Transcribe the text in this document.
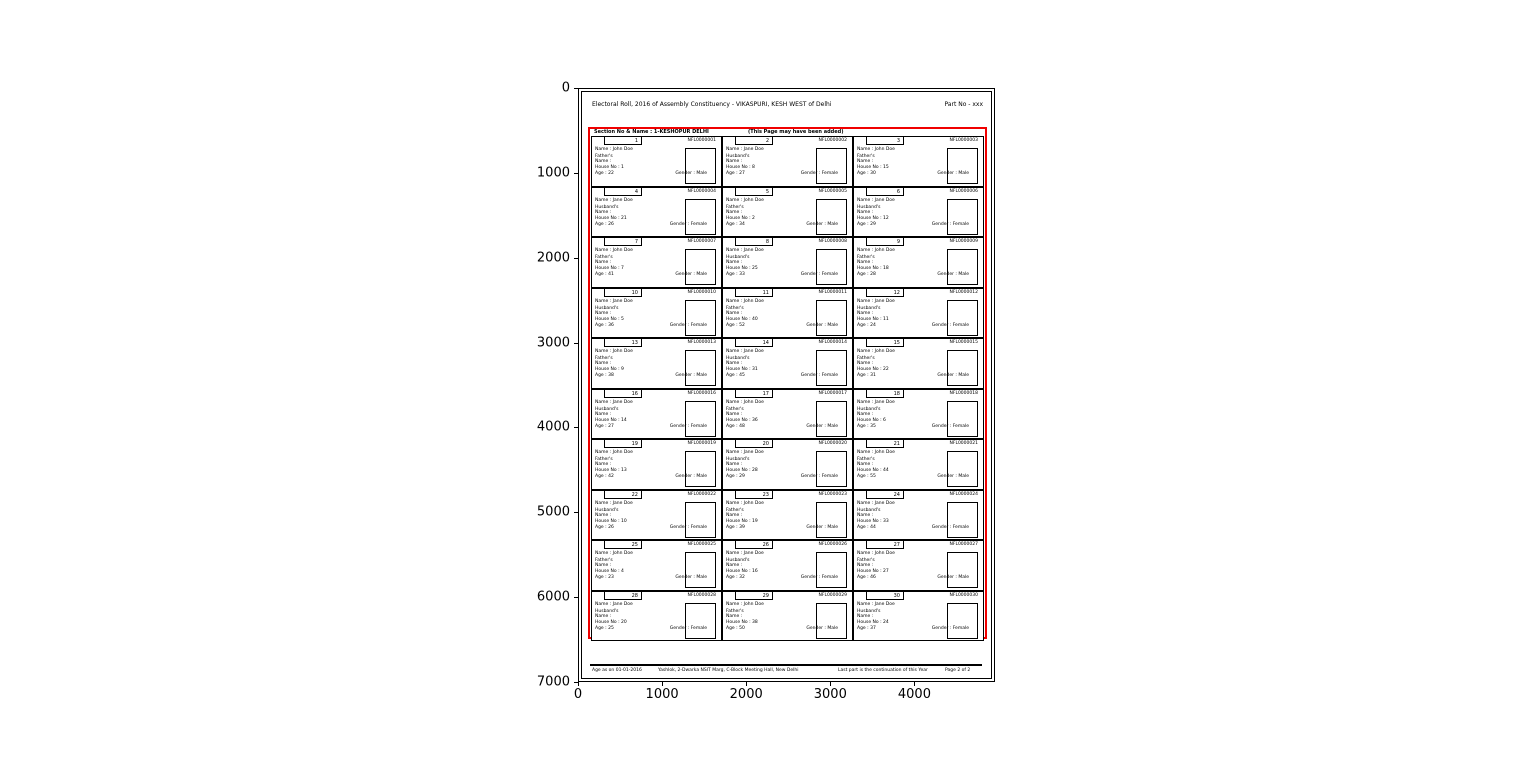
0	1000	2000	3000	4000
0
1000
2000
3000
4000
5000
6000
7000
Electoral Roll, 2016 of Assembly Constituency - VIKASPURI, KESH WEST of Delhi	Part No - xxx
Section No & Name : 1-KESHOPUR DELHI	(This Page may have been added)
1	NFL0000001
Name : John Doe
Father's Name :
House No : 1
Age : 22	Gender : Male
2	NFL0000002
Name : Jane Doe
Husband's Name :
House No : 8
Age : 27	Gender : Female
3	NFL0000003
Name : John Doe
Father's Name :
House No : 15
Age : 30	Gender : Male
4	NFL0000004
Name : Jane Doe
Husband's Name :
House No : 21
Age : 26	Gender : Female
5	NFL0000005
Name : John Doe
Father's Name :
House No : 2
Age : 34	Gender : Male
6	NFL0000006
Name : Jane Doe
Husband's Name :
House No : 12
Age : 29	Gender : Female
7	NFL0000007
Name : John Doe
Father's Name :
House No : 7
Age : 41	Gender : Male
8	NFL0000008
Name : Jane Doe
Husband's Name :
House No : 25
Age : 33	Gender : Female
9	NFL0000009
Name : John Doe
Father's Name :
House No : 18
Age : 28	Gender : Male
10	NFL0000010
Name : Jane Doe
Husband's Name :
House No : 5
Age : 36	Gender : Female
11	NFL0000011
Name : John Doe
Father's Name :
House No : 40
Age : 52	Gender : Male
12	NFL0000012
Name : Jane Doe
Husband's Name :
House No : 11
Age : 24	Gender : Female
13	NFL0000013
Name : John Doe
Father's Name :
House No : 9
Age : 38	Gender : Male
14	NFL0000014
Name : Jane Doe
Husband's Name :
House No : 31
Age : 45	Gender : Female
15	NFL0000015
Name : John Doe
Father's Name :
House No : 22
Age : 31	Gender : Male
16	NFL0000016
Name : Jane Doe
Husband's Name :
House No : 14
Age : 27	Gender : Female
17	NFL0000017
Name : John Doe
Father's Name :
House No : 36
Age : 48	Gender : Male
18	NFL0000018
Name : Jane Doe
Husband's Name :
House No : 6
Age : 35	Gender : Female
19	NFL0000019
Name : John Doe
Father's Name :
House No : 13
Age : 42	Gender : Male
20	NFL0000020
Name : Jane Doe
Husband's Name :
House No : 28
Age : 29	Gender : Female
21	NFL0000021
Name : John Doe
Father's Name :
House No : 44
Age : 55	Gender : Male
22	NFL0000022
Name : Jane Doe
Husband's Name :
House No : 10
Age : 26	Gender : Female
23	NFL0000023
Name : John Doe
Father's Name :
House No : 19
Age : 39	Gender : Male
24	NFL0000024
Name : Jane Doe
Husband's Name :
House No : 33
Age : 44	Gender : Female
25	NFL0000025
Name : John Doe
Father's Name :
House No : 4
Age : 23	Gender : Male
26	NFL0000026
Name : Jane Doe
Husband's Name :
House No : 16
Age : 32	Gender : Female
27	NFL0000027
Name : John Doe
Father's Name :
House No : 27
Age : 46	Gender : Male
28	NFL0000028
Name : Jane Doe
Husband's Name :
House No : 20
Age : 25	Gender : Female
29	NFL0000029
Name : John Doe
Father's Name :
House No : 38
Age : 50	Gender : Male
30	NFL0000030
Name : Jane Doe
Husband's Name :
House No : 24
Age : 37	Gender : Female
Age as on 01-01-2016	Yashlok, 2-Dwarka NSIT Marg, C-Block Meeting Hall, New Delhi	Last part is the continuation of this Year	Page 2 of 2
